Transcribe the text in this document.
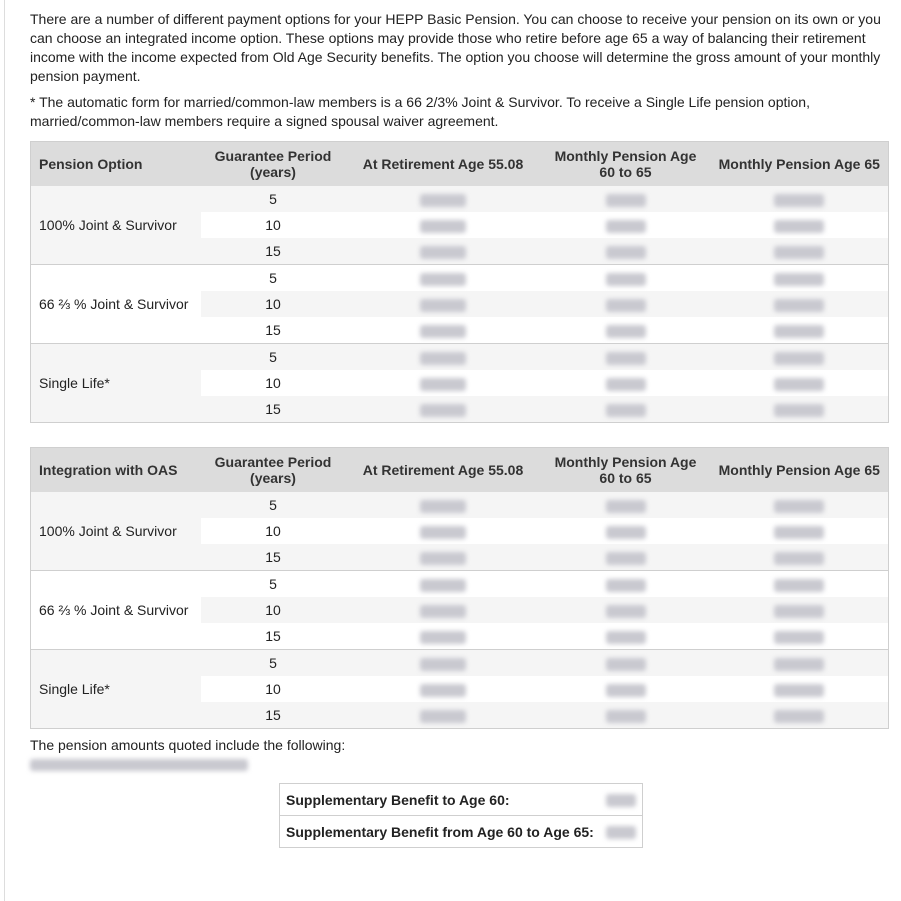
There are a number of different payment options for your HEPP Basic Pension. You can choose to receive your pension on its own or you can choose an integrated income option. These options may provide those who retire before age 65 a way of balancing their retirement income with the income expected from Old Age Security benefits. The option you choose will determine the gross amount of your monthly pension payment.

* The automatic form for married/common-law members is a 66 2/3% Joint & Survivor. To receive a Single Life pension option, married/common-law members require a signed spousal waiver agreement.

Pension Option	Guarantee Period (years)	At Retirement Age 55.08	Monthly Pension Age 60 to 65	Monthly Pension Age 65
100% Joint & Survivor	5			
	10			
	15			
66 ⅔ % Joint & Survivor	5			
	10			
	15			
Single Life*	5			
	10			
	15			
Integration with OAS	Guarantee Period (years)	At Retirement Age 55.08	Monthly Pension Age 60 to 65	Monthly Pension Age 65
100% Joint & Survivor	5			
	10			
	15			
66 ⅔ % Joint & Survivor	5			
	10			
	15			
Single Life*	5			
	10			
	15			

The pension amounts quoted include the following:

Supplementary Benefit to Age 60:	
Supplementary Benefit from Age 60 to Age 65:	
